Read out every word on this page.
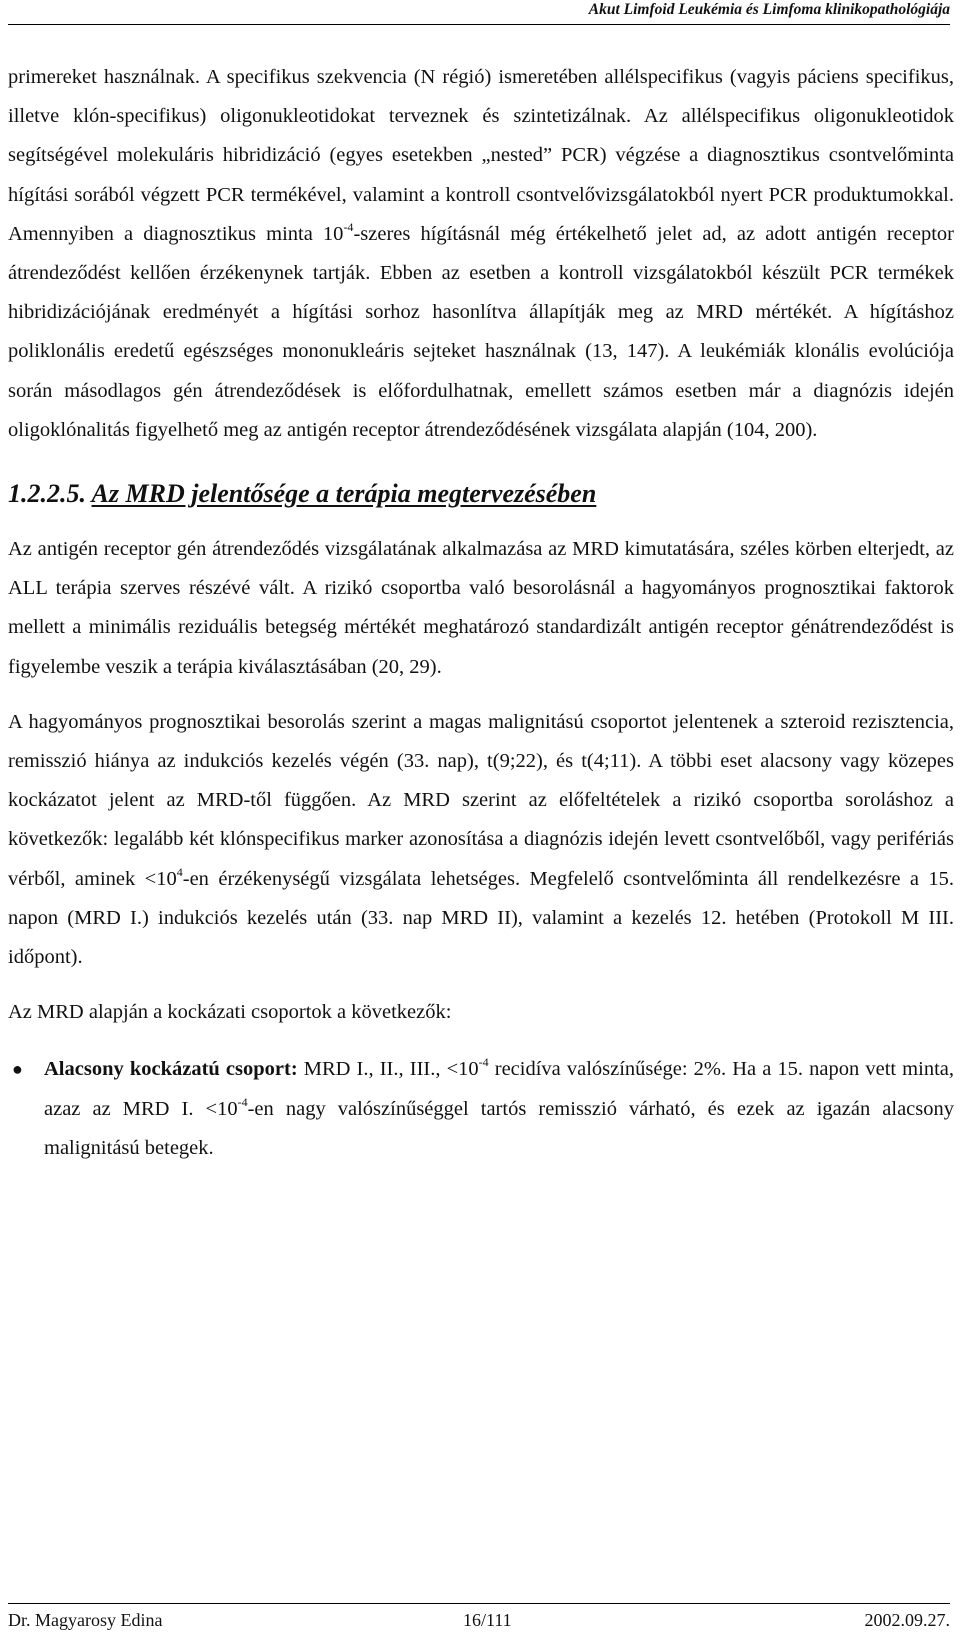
Akut Limfoid Leukémia és Limfoma klinikopathológiája

primereket használnak. A specifikus szekvencia (N régió) ismeretében allélspecifikus (vagyis páciens specifikus, illetve klón-specifikus) oligonukleotidokat terveznek és szintetizálnak. Az allélspecifikus oligonukleotidok segítségével molekuláris hibridizáció (egyes esetekben „nested” PCR) végzése a diagnosztikus csontvelőminta hígítási sorából végzett PCR termékével, valamint a kontroll csontvelővizsgálatokból nyert PCR produktumokkal. Amennyiben a diagnosztikus minta $10^{-4}$-szeres hígításnál még értékelhető jelet ad, az adott antigén receptor átrendeződést kellően érzékenynek tartják. Ebben az esetben a kontroll vizsgálatokból készült PCR termékek hibridizációjának eredményét a hígítási sorhoz hasonlítva állapítják meg az MRD mértékét. A hígításhoz poliklonális eredetű egészséges mononukleáris sejteket használnak (13, 147). A leukémiák klonális evolúciója során másodlagos gén átrendeződések is előfordulhatnak, emellett számos esetben már a diagnózis idején oligoklónalitás figyelhető meg az antigén receptor átrendeződésének vizsgálata alapján (104, 200).

1.2.2.5. Az MRD jelentősége a terápia megtervezésében

Az antigén receptor gén átrendeződés vizsgálatának alkalmazása az MRD kimutatására, széles körben elterjedt, az ALL terápia szerves részévé vált. A rizikó csoportba való besorolásnál a hagyományos prognosztikai faktorok mellett a minimális reziduális betegség mértékét meghatározó standardizált antigén receptor génátrendeződést is figyelembe veszik a terápia kiválasztásában (20, 29).

A hagyományos prognosztikai besorolás szerint a magas malignitású csoportot jelentenek a szteroid rezisztencia, remisszió hiánya az indukciós kezelés végén (33. nap), t(9;22), és t(4;11). A többi eset alacsony vagy közepes kockázatot jelent az MRD-től függően. Az MRD szerint az előfeltételek a rizikó csoportba soroláshoz a következők: legalább két klónspecifikus marker azonosítása a diagnózis idején levett csontvelőből, vagy perifériás vérből, aminek $<10^4-en$ érzékenységű vizsgálata lehetséges. Megfelelő csontvelőminta áll rendelkezésre a 15. napon (MRD I.) indukciós kezelés után (33. nap MRD II), valamint a kezelés 12. hetében (Protokoll M III. időpont).

Az MRD alapján a kockázati csoportok a következők:

● Alacsony kockázatú csoport: MRD I., II., III., $<10^{-4}$ recidíva valószínűsége: 2%. Ha a 15. napon vett minta, azaz az MRD I. $<10^{-4}-en$ nagy valószínűséggel tartós remisszió várható, és ezek az igazán alacsony malignitású betegek.
Dr. Magyarosy Edina	16/111	2002.09.27.
